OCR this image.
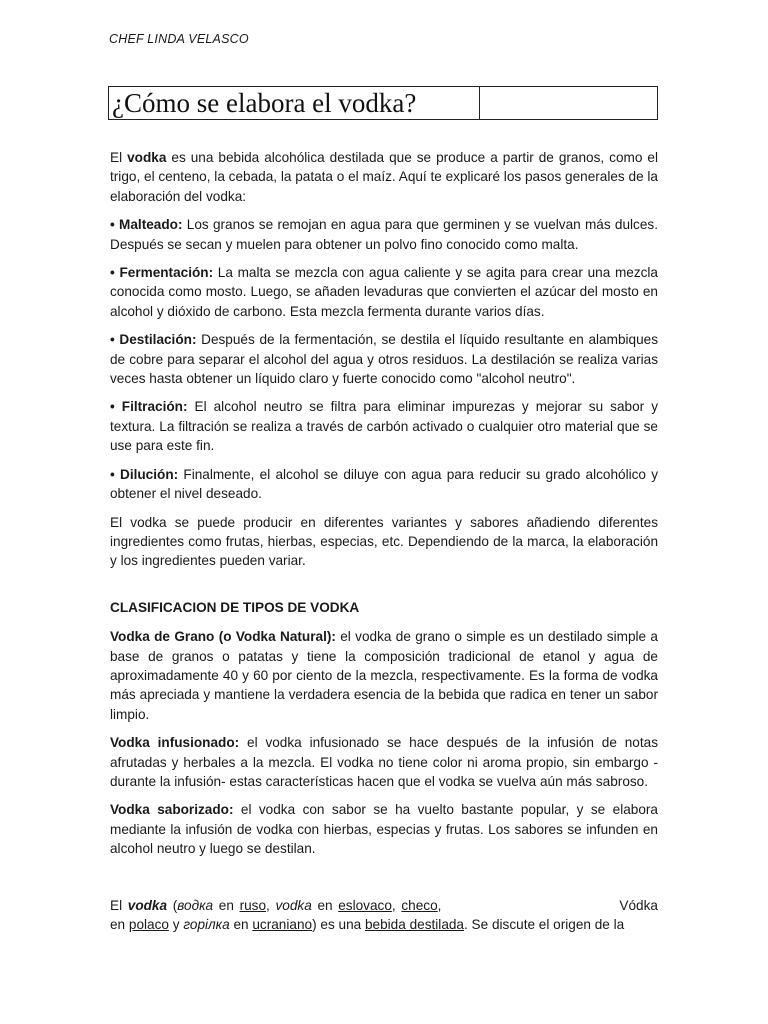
CHEF LINDA VELASCO
¿Cómo se elabora el vodka?

El vodka es una bebida alcohólica destilada que se produce a partir de granos, como el trigo, el centeno, la cebada, la patata o el maíz. Aquí te explicaré los pasos generales de la elaboración del vodka:

• Malteado: Los granos se remojan en agua para que germinen y se vuelvan más dulces. Después se secan y muelen para obtener un polvo fino conocido como malta.

• Fermentación: La malta se mezcla con agua caliente y se agita para crear una mezcla conocida como mosto. Luego, se añaden levaduras que convierten el azúcar del mosto en alcohol y dióxido de carbono. Esta mezcla fermenta durante varios días.

• Destilación: Después de la fermentación, se destila el líquido resultante en alambiques de cobre para separar el alcohol del agua y otros residuos. La destilación se realiza varias veces hasta obtener un líquido claro y fuerte conocido como "alcohol neutro".

• Filtración: El alcohol neutro se filtra para eliminar impurezas y mejorar su sabor y textura. La filtración se realiza a través de carbón activado o cualquier otro material que se use para este fin.

• Dilución: Finalmente, el alcohol se diluye con agua para reducir su grado alcohólico y obtener el nivel deseado.

El vodka se puede producir en diferentes variantes y sabores añadiendo diferentes ingredientes como frutas, hierbas, especias, etc. Dependiendo de la marca, la elaboración y los ingredientes pueden variar.

CLASIFICACION DE TIPOS DE VODKA

Vodka de Grano (o Vodka Natural): el vodka de grano o simple es un destilado simple a base de granos o patatas y tiene la composición tradicional de etanol y agua de aproximadamente 40 y 60 por ciento de la mezcla, respectivamente. Es la forma de vodka más apreciada y mantiene la verdadera esencia de la bebida que radica en tener un sabor limpio.

Vodka infusionado: el vodka infusionado se hace después de la infusión de notas afrutadas y herbales a la mezcla. El vodka no tiene color ni aroma propio, sin embargo - durante la infusión- estas características hacen que el vodka se vuelva aún más sabroso.

Vodka saborizado: el vodka con sabor se ha vuelto bastante popular, y se elabora mediante la infusión de vodka con hierbas, especias y frutas. Los sabores se infunden en alcohol neutro y luego se destilan.

El vodka (водка en ruso, vodka en eslovaco, checo,	Vódka en polaco y горілка en ucraniano) es una bebida destilada. Se discute el origen de la
